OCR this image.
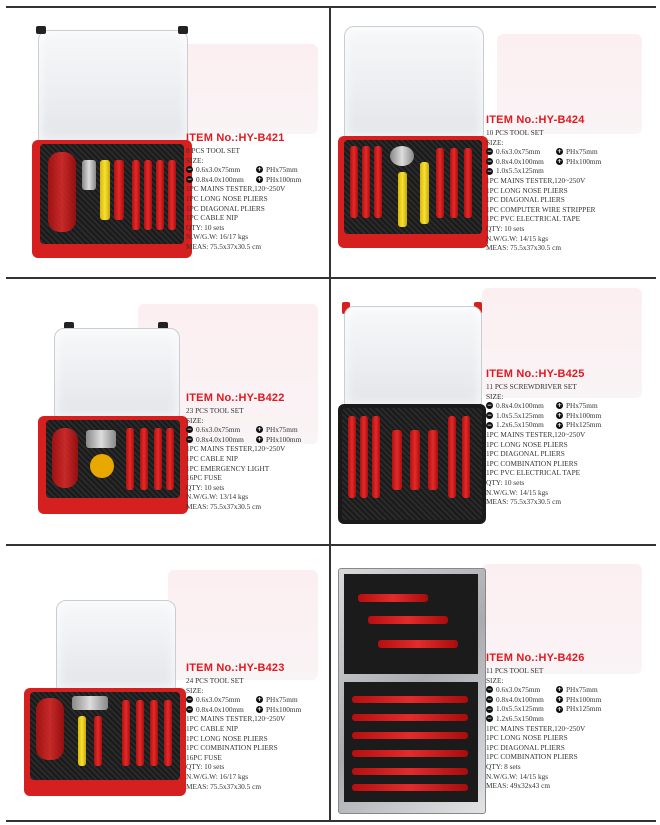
ITEM No.:HY-B421
8 PCS TOOL SET
SIZE:
− 0.6x3.0x75mm	+ PHx75mm
− 0.8x4.0x100mm + PHx100mm
1PC MAINS TESTER,120~250V
1PC LONG NOSE PLIERS
1PC DIAGONAL PLIERS
1PC CABLE NIP
QTY: 10 sets
N.W/G.W: 16/17 kgs
MEAS: 75.5x37x30.5 cm
ITEM No.:HY-B424
10 PCS TOOL SET
SIZE:
− 0.6x3.0x75mm	+ PHx75mm
− 0.8x4.0x100mm + PHx100mm
− 1.0x5.5x125mm
1PC MAINS TESTER,120~250V
1PC LONG NOSE PLIERS
1PC DIAGONAL PLIERS
1PC COMPUTER WIRE STRIPPER
1PC PVC ELECTRICAL TAPE
QTY: 10 sets
N.W/G.W: 14/15 kgs
MEAS: 75.5x37x30.5 cm
ITEM No.:HY-B422
23 PCS TOOL SET
SIZE:
− 0.6x3.0x75mm	+ PHx75mm
− 0.8x4.0x100mm + PHx100mm
1PC MAINS TESTER,120~250V
1PC CABLE NIP
1PC EMERGENCY LIGHT
16PC FUSE
QTY: 10 sets
N.W/G.W: 13/14 kgs
MEAS: 75.5x37x30.5 cm
ITEM No.:HY-B425
11 PCS SCREWDRIVER SET
SIZE:
− 0.8x4.0x100mm + PHx75mm
− 1.0x5.5x125mm + PHx100mm
− 1.2x6.5x150mm + PHx125mm
1PC MAINS TESTER,120~250V
1PC LONG NOSE PLIERS
1PC DIAGONAL PLIERS
1PC COMBINATION PLIERS
1PC PVC ELECTRICAL TAPE
QTY: 10 sets
N.W/G.W: 14/15 kgs
MEAS: 75.5x37x30.5 cm
ITEM No.:HY-B423
24 PCS TOOL SET
SIZE:
− 0.6x3.0x75mm	+ PHx75mm
− 0.8x4.0x100mm + PHx100mm
1PC MAINS TESTER,120~250V
1PC CABLE NIP
1PC LONG NOSE PLIERS
1PC COMBINATION PLIERS
16PC FUSE
QTY: 10 sets
N.W/G.W: 16/17 kgs
MEAS: 75.5x37x30.5 cm
ITEM No.:HY-B426
11 PCS TOOL SET
SIZE:
− 0.6x3.0x75mm	+ PHx75mm
− 0.8x4.0x100mm + PHx100mm
− 1.0x5.5x125mm + PHx125mm
− 1.2x6.5x150mm
1PC MAINS TESTER,120~250V
1PC LONG NOSE PLIERS
1PC DIAGONAL PLIERS
1PC COMBINATION PLIERS
QTY: 8 sets
N.W/G.W: 14/15 kgs
MEAS: 49x32x43 cm
